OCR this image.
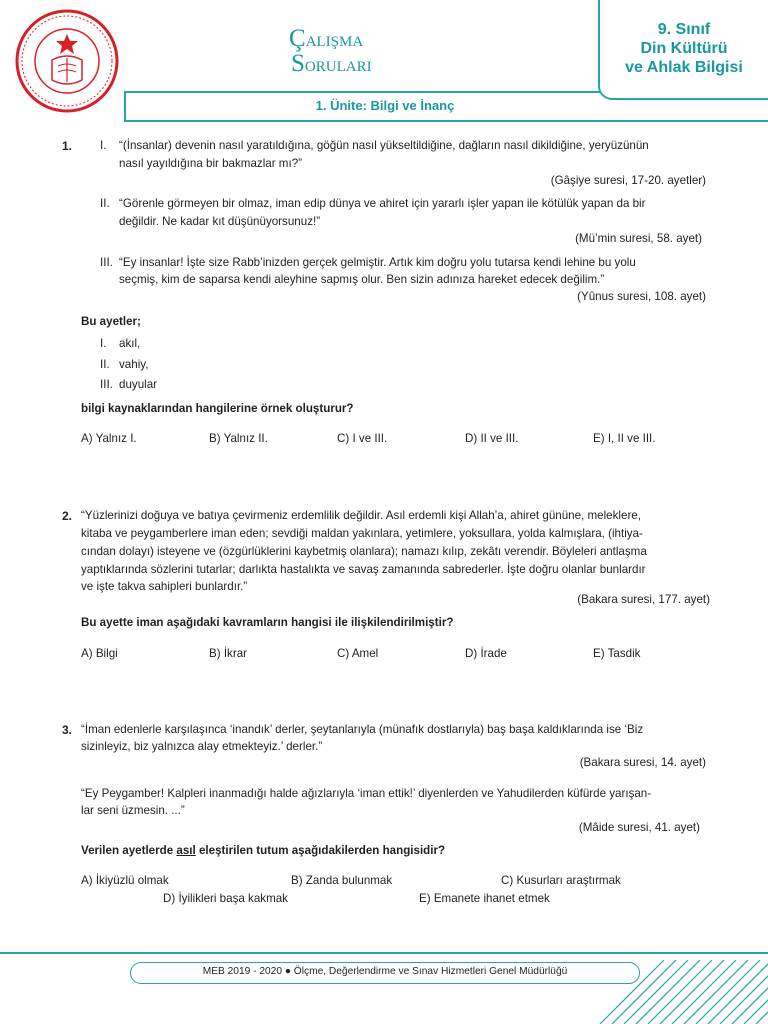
Çalışma
Soruları
9. Sınıf
Din Kültürü
ve Ahlak Bilgisi
1. Ünite: Bilgi ve İnanç
1. I. “(İnsanlar) devenin nasıl yaratıldığına, göğün nasıl yükseltildiğine, dağların nasıl dikildiğine, yeryüzünün
nasıl yayıldığına bir bakmazlar mı?”
(Gâşiye suresi, 17-20. ayetler)
II. “Görenle görmeyen bir olmaz, iman edip dünya ve ahiret için yararlı işler yapan ile kötülük yapan da bir
değildir. Ne kadar kıt düşünüyorsunuz!”
(Mü’min suresi, 58. ayet)
III. “Ey insanlar! İşte size Rabb’inizden gerçek gelmiştir. Artık kim doğru yolu tutarsa kendi lehine bu yolu
seçmiş, kim de saparsa kendi aleyhine sapmış olur. Ben sizin adınıza hareket edecek değilim.”
(Yûnus suresi, 108. ayet)
Bu ayetler;
I. akıl,
II. vahiy,
III. duyular
bilgi kaynaklarından hangilerine örnek oluşturur?
A) Yalnız I.	B) Yalnız II.	C) I ve III.	D) II ve III.	E) I, II ve III.
2. “Yüzlerinizi doğuya ve batıya çevirmeniz erdemlilik değildir. Asıl erdemli kişi Allah’a, ahiret gününe, meleklere,
kitaba ve peygamberlere iman eden; sevdiği maldan yakınlara, yetimlere, yoksullara, yolda kalmışlara, (ihtiya-
cından dolayı) isteyene ve (özgürlüklerini kaybetmiş olanlara); namazı kılıp, zekâtı verendir. Böyleleri antlaşma
yaptıklarında sözlerini tutarlar; darlıkta hastalıkta ve savaş zamanında sabrederler. İşte doğru olanlar bunlardır
ve işte takva sahipleri bunlardır.”
(Bakara suresi, 177. ayet)
Bu ayette iman aşağıdaki kavramların hangisi ile ilişkilendirilmiştir?
A) Bilgi	B) İkrar	C) Amel	D) İrade	E) Tasdik
3. “İman edenlerle karşılaşınca ‘inandık’ derler, şeytanlarıyla (münafık dostlarıyla) baş başa kaldıklarında ise ‘Biz
sizinleyiz, biz yalnızca alay etmekteyiz.’ derler.”
(Bakara suresi, 14. ayet)
“Ey Peygamber! Kalpleri inanmadığı halde ağızlarıyla ‘iman ettik!’ diyenlerden ve Yahudilerden küfürde yarışan-
lar seni üzmesin. ...”
(Mâide suresi, 41. ayet)
Verilen ayetlerde asıl eleştirilen tutum aşağıdakilerden hangisidir?
A) İkiyüzlü olmak	B) Zanda bulunmak	C) Kusurları araştırmak
D) İyilikleri başa kakmak	E) Emanete ihanet etmek
MEB 2019 - 2020 ● Ölçme, Değerlendirme ve Sınav Hizmetleri Genel Müdürlüğü
